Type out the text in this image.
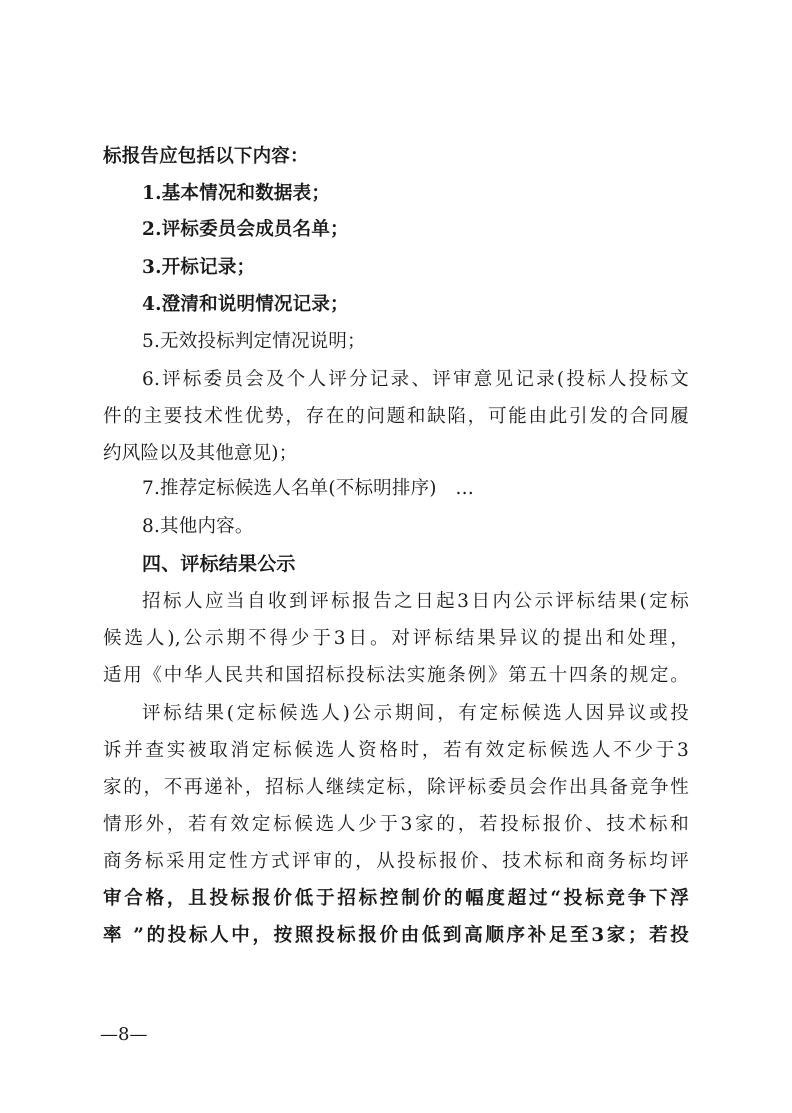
标报告应包括以下内容：
1.基本情况和数据表；
2.评标委员会成员名单；
3.开标记录；
4.澄清和说明情况记录；
5.无效投标判定情况说明；
6.评标委员会及个人评分记录、评审意见记录(投标人投标文
件的主要技术性优势，存在的问题和缺陷，可能由此引发的合同履
约风险以及其他意见)；
7.推荐定标候选人名单(不标明排序)　…
8.其他内容。
四、评标结果公示
招标人应当自收到评标报告之日起3日内公示评标结果(定标
候选人),公示期不得少于3日。对评标结果异议的提出和处理，
适用《中华人民共和国招标投标法实施条例》第五十四条的规定。
评标结果(定标候选人)公示期间，有定标候选人因异议或投
诉并查实被取消定标候选人资格时，若有效定标候选人不少于3
家的，不再递补，招标人继续定标，除评标委员会作出具备竞争性
情形外，若有效定标候选人少于3家的，若投标报价、技术标和
商务标采用定性方式评审的，从投标报价、技术标和商务标均评
审合格，且投标报价低于招标控制价的幅度超过“投标竞争下浮
率 ”的投标人中，按照投标报价由低到高顺序补足至3家；若投
—8—
